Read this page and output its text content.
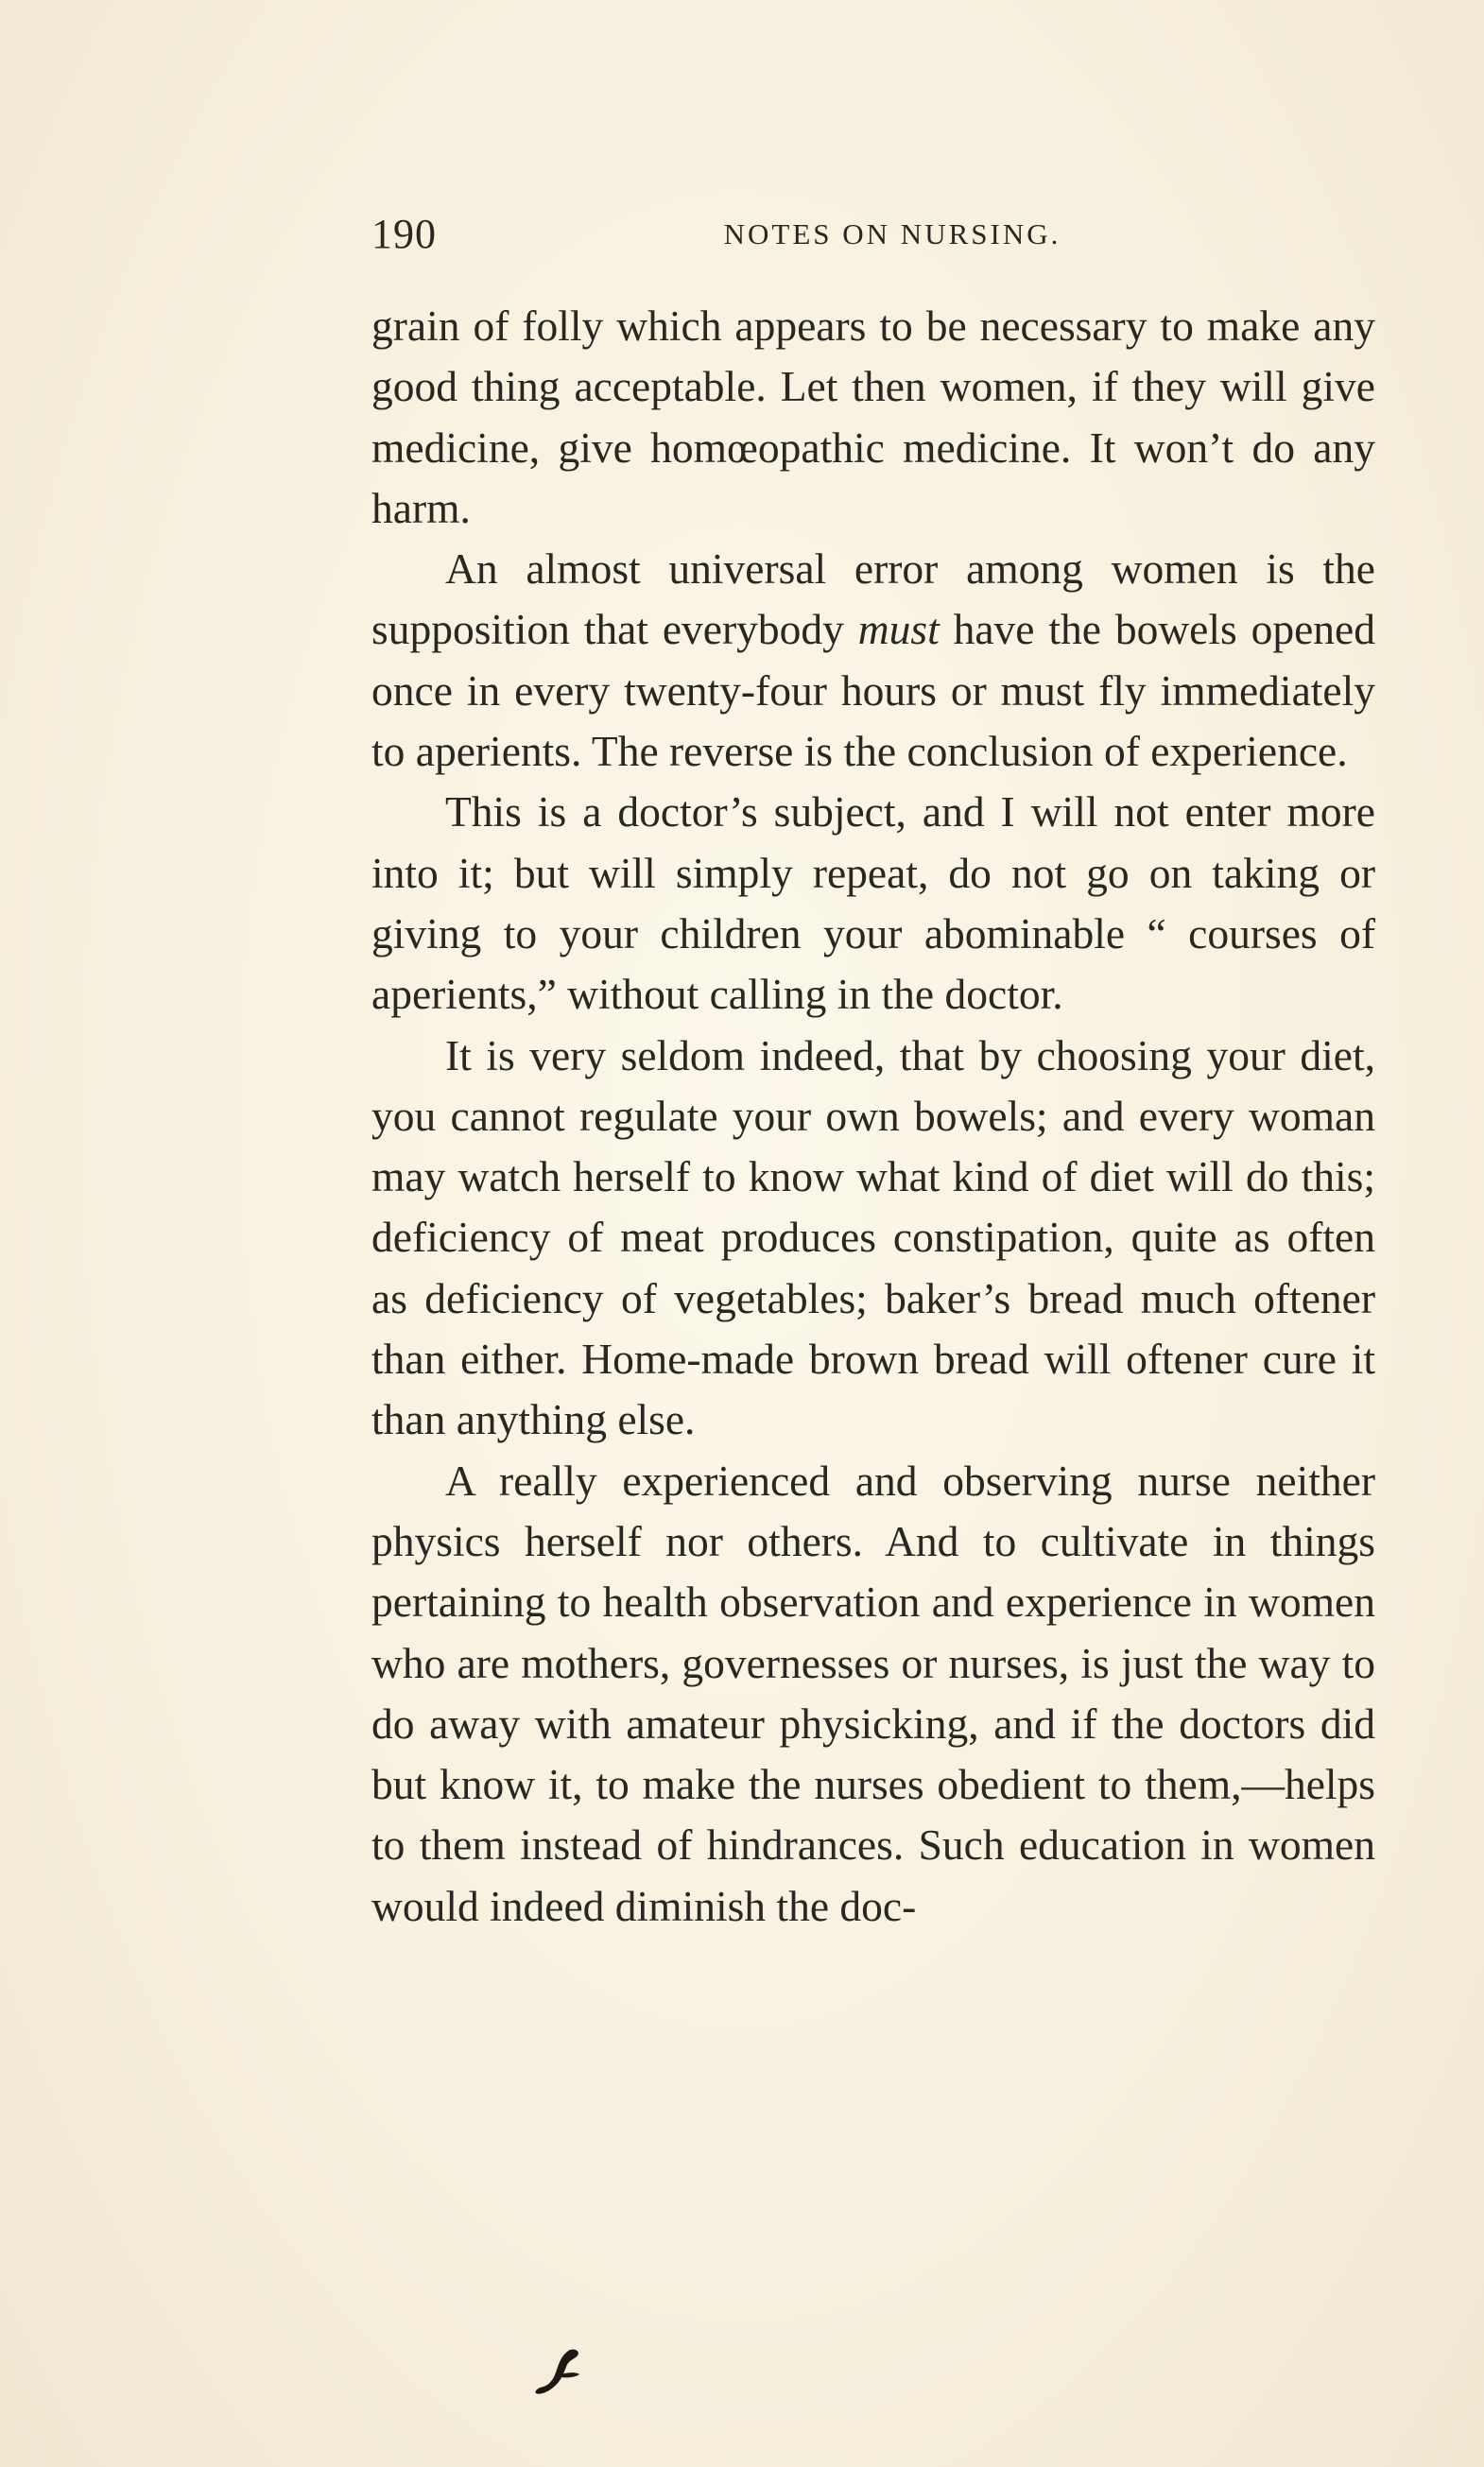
190	NOTES ON NURSING.

grain of folly which appears to be necessary to make any good thing acceptable. Let then women, if they will give medicine, give homœopathic medicine. It won’t do any harm.

An almost universal error among women is the supposition that everybody must have the bowels opened once in every twenty-four hours or must fly immediately to aperients. The reverse is the conclusion of experience.

This is a doctor’s subject, and I will not enter more into it; but will simply repeat, do not go on taking or giving to your children your abominable “ courses of aperients,” without calling in the doctor.

It is very seldom indeed, that by choosing your diet, you cannot regulate your own bowels; and every woman may watch herself to know what kind of diet will do this; deficiency of meat produces constipation, quite as often as deficiency of vegetables; baker’s bread much oftener than either. Home-made brown bread will oftener cure it than anything else.

A really experienced and observing nurse neither physics herself nor others. And to cultivate in things pertaining to health observation and experience in women who are mothers, governesses or nurses, is just the way to do away with amateur physicking, and if the doctors did but know it, to make the nurses obedient to them,—helps to them instead of hindrances. Such education in women would indeed diminish the doc-
